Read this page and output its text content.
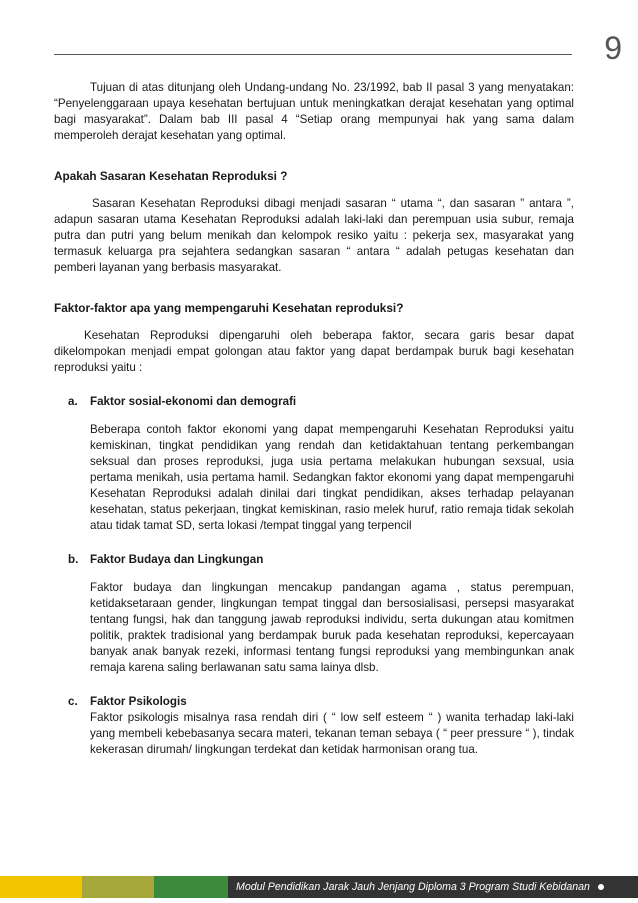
9

Tujuan di atas ditunjang oleh Undang-undang No. 23/1992, bab II pasal 3 yang menyatakan: “Penyelenggaraan upaya kesehatan bertujuan untuk meningkatkan derajat kesehatan yang optimal bagi masyarakat”. Dalam bab III pasal 4 “Setiap orang mempunyai hak yang sama dalam memperoleh derajat kesehatan yang optimal.

Apakah Sasaran Kesehatan Reproduksi ?

Sasaran Kesehatan Reproduksi dibagi menjadi sasaran “ utama “, dan sasaran ” antara ”, adapun sasaran utama Kesehatan Reproduksi adalah laki-laki dan perempuan usia subur, remaja putra dan putri yang belum menikah dan kelompok resiko yaitu : pekerja sex, masyarakat yang termasuk keluarga pra sejahtera sedangkan sasaran “ antara “ adalah petugas kesehatan dan pemberi layanan yang berbasis masyarakat.

Faktor-faktor apa yang mempengaruhi Kesehatan reproduksi?

Kesehatan Reproduksi dipengaruhi oleh beberapa faktor, secara garis besar dapat dikelompokan menjadi empat golongan atau faktor yang dapat berdampak buruk bagi kesehatan reproduksi yaitu :

a.	Faktor sosial-ekonomi dan demografi

Beberapa contoh faktor ekonomi yang dapat mempengaruhi Kesehatan Reproduksi yaitu kemiskinan, tingkat pendidikan yang rendah dan ketidaktahuan tentang perkembangan seksual dan proses reproduksi, juga usia pertama melakukan hubungan sexsual, usia pertama menikah, usia pertama hamil. Sedangkan faktor ekonomi yang dapat mempengaruhi Kesehatan Reproduksi adalah dinilai dari tingkat pendidikan, akses terhadap pelayanan kesehatan, status pekerjaan, tingkat kemiskinan, rasio melek huruf, ratio remaja tidak sekolah atau tidak tamat SD, serta lokasi /tempat tinggal yang terpencil

b.	Faktor Budaya dan Lingkungan

Faktor budaya dan lingkungan mencakup pandangan agama , status perempuan, ketidaksetaraan gender, lingkungan tempat tinggal dan bersosialisasi, persepsi masyarakat tentang fungsi, hak dan tanggung jawab reproduksi individu, serta dukungan atau komitmen politik, praktek tradisional yang berdampak buruk pada kesehatan reproduksi, kepercayaan banyak anak banyak rezeki, informasi tentang fungsi reproduksi yang membingunkan anak remaja karena saling berlawanan satu sama lainya dlsb.

c.	Faktor Psikologis

Faktor psikologis misalnya rasa rendah diri ( “ low self esteem “ ) wanita terhadap laki-laki yang membeli kebebasanya secara materi, tekanan teman sebaya ( “ peer pressure “ ), tindak kekerasan dirumah/ lingkungan terdekat dan ketidak harmonisan orang tua.

Modul Pendidikan Jarak Jauh Jenjang Diploma 3 Program Studi Kebidanan
